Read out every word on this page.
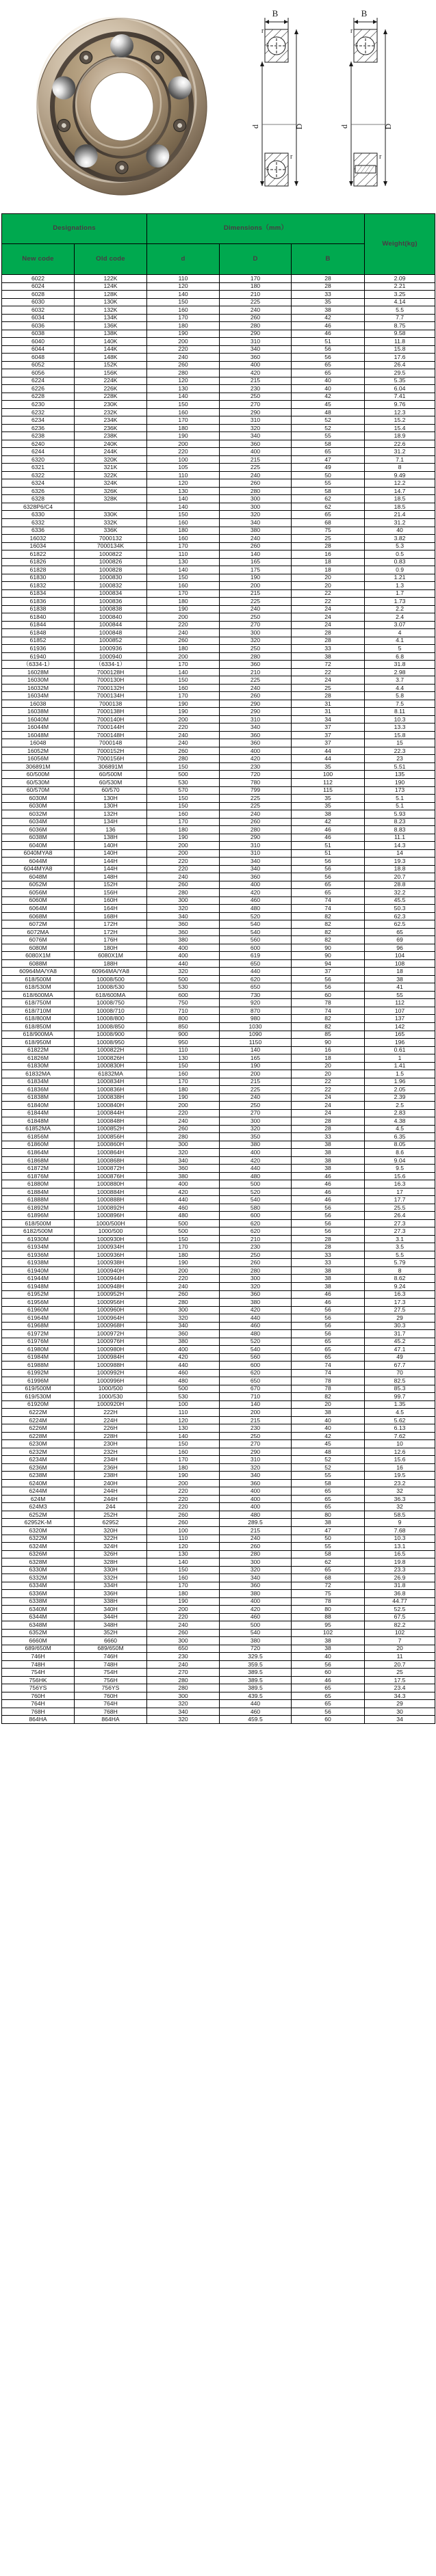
B
r
d	D
r
B
r
d	D
r
Designations		Dimensions（mm）			Weight(kg)
New code	Old code	d	D	B	
6022	122K	110	170	28	2.09
6024	124K	120	180	28	2.21
6028	128K	140	210	33	3.25
6030	130K	150	225	35	4.14
6032	132K	160	240	38	5.5
6034	134K	170	260	42	7.7
6036	136K	180	280	46	8.75
6038	138K	190	290	46	9.58
6040	140K	200	310	51	11.8
6044	144K	220	340	56	15.8
6048	148K	240	360	56	17.6
6052	152K	260	400	65	26.4
6056	156K	280	420	65	29.5
6224	224K	120	215	40	5.35
6226	226K	130	230	40	6.04
6228	228K	140	250	42	7.41
6230	230K	150	270	45	9.76
6232	232K	160	290	48	12.3
6234	234K	170	310	52	15.2
6236	236K	180	320	52	15.4
6238	238K	190	340	55	18.9
6240	240K	200	360	58	22.6
6244	244K	220	400	65	31.2
6320	320K	100	215	47	7.1
6321	321K	105	225	49	8
6322	322K	110	240	50	9.49
6324	324K	120	260	55	12.2
6326	326K	130	280	58	14.7
6328	328K	140	300	62	18.5
6328P6/C4		140	300	62	18.5
6330	330K	150	320	65	21.4
6332	332K	160	340	68	31.2
6336	336K	180	380	75	40
16032	7000132	160	240	25	3.82
16034	7000134K	170	260	28	5.3
61822	1000822	110	140	16	0.5
61826	1000826	130	165	18	0.83
61828	1000828	140	175	18	0.9
61830	1000830	150	190	20	1.21
61832	1000832	160	200	20	1.3
61834	1000834	170	215	22	1.7
61836	1000836	180	225	22	1.73
61838	1000838	190	240	24	2.2
61840	1000840	200	250	24	2.4
61844	1000844	220	270	24	3.07
61848	1000848	240	300	28	4
61852	1000852	260	320	28	4.1
61936	1000936	180	250	33	5
61940	1000940	200	280	38	6.8
（6334-1）	（6334-1）	170	360	72	31.8
16028M	7000128H	140	210	22	2.98
16030M	7000130H	150	225	24	3.7
16032M	7000132H	160	240	25	4.4
16034M	7000134H	170	260	28	5.8
16038	7000138	190	290	31	7.5
16038M	7000138H	190	290	31	8.11
16040M	7000140H	200	310	34	10.3
16044M	7000144H	220	340	37	13.3
16048M	7000148H	240	360	37	15.8
16048	7000148	240	360	37	15
16052M	7000152H	260	400	44	22.3
16056M	7000156H	280	420	44	23
306891M	306891M	150	230	35	5.51
60/500M	60/500M	500	720	100	135
60/530M	60/530M	530	780	112	190
60/570M	60/570	570	799	115	173
6030M	130H	150	225	35	5.1
6030M	130H	150	225	35	5.1
6032M	132H	160	240	38	5.93
6034M	134H	170	260	42	8.23
6036M	136	180	280	46	8.83
6038M	138H	190	290	46	11.1
6040M	140H	200	310	51	14.3
6040MYA8	140H	200	310	51	14
6044M	144H	220	340	56	19.3
6044MYA8	144H	220	340	56	18.8
6048M	148H	240	360	56	20.7
6052M	152H	260	400	65	28.8
6056M	156H	280	420	65	32.2
6060M	160H	300	460	74	45.5
6064M	164H	320	480	74	50.3
6068M	168H	340	520	82	62.3
6072M	172H	360	540	82	62.5
6072MA	172H	360	540	82	65
6076M	176H	380	560	82	69
6080M	180H	400	600	90	96
6080X1M	6080X1M	400	619	90	104
6088M	188H	440	650	94	108
60964MA/YA8	60964MA/YA8	320	440	37	18
618/500M	10008/500	500	620	56	38
618/530M	10008/530	530	650	56	41
618/600MA	618/600MA	600	730	60	55
618/750M	10008/750	750	920	78	112
618/710M	10008/710	710	870	74	107
618/800M	10008/800	800	980	82	137
618/850M	10008/850	850	1030	82	142
618/900MA	10008/900	900	1090	85	165
618/950M	10008/950	950	1150	90	196
61822M	1000822H	110	140	16	0.61
61826M	1000826H	130	165	18	1
61830M	1000830H	150	190	20	1.41
61832MA	61832MA	160	200	20	1.5
61834M	1000834H	170	215	22	1.96
61836M	1000836H	180	225	22	2.05
61838M	1000838H	190	240	24	2.39
61840M	1000840H	200	250	24	2.5
61844M	1000844H	220	270	24	2.83
61848M	1000848H	240	300	28	4.38
61852MA	1000852H	260	320	28	4.5
61856M	1000856H	280	350	33	6.35
61860M	1000860H	300	380	38	8.05
61864M	1000864H	320	400	38	8.6
61868M	1000868H	340	420	38	9.04
61872M	1000872H	360	440	38	9.5
61876M	1000876H	380	480	46	15.6
61880M	1000880H	400	500	46	16.3
61884M	1000884H	420	520	46	17
61888M	1000888H	440	540	46	17.7
61892M	1000892H	460	580	56	25.5
61896M	1000896H	480	600	56	26.4
618/500M	1000/500H	500	620	56	27.3
6182/500M	1000/500	500	620	56	27.3
61930M	1000930H	150	210	28	3.1
61934M	1000934H	170	230	28	3.5
61936M	1000936H	180	250	33	5.5
61938M	1000938H	190	260	33	5.79
61940M	1000940H	200	280	38	8
61944M	1000944H	220	300	38	8.62
61948M	1000948H	240	320	38	9.24
61952M	1000952H	260	360	46	16.3
61956M	1000956H	280	380	46	17.3
61960M	1000960H	300	420	56	27.5
61964M	1000964H	320	440	56	29
61968M	1000968H	340	460	56	30.3
61972M	1000972H	360	480	56	31.7
61976M	1000976H	380	520	65	45.2
61980M	1000980H	400	540	65	47.1
61984M	1000984H	420	560	65	49
61988M	1000988H	440	600	74	67.7
61992M	1000992H	460	620	74	70
61996M	1000996H	480	650	78	82.5
619/500M	1000/500	500	670	78	85.3
619/530M	1000/530	530	710	82	99.7
61920M	1000920H	100	140	20	1.35
6222M	222H	110	200	38	4.5
6224M	224H	120	215	40	5.62
6226M	226H	130	230	40	6.13
6228M	228H	140	250	42	7.62
6230M	230H	150	270	45	10
6232M	232H	160	290	48	12.6
6234M	234H	170	310	52	15.6
6236M	236H	180	320	52	16
6238M	238H	190	340	55	19.5
6240M	240H	200	360	58	23.2
6244M	244H	220	400	65	32
624M	244H	220	400	65	36.3
624M3	244	220	400	65	32
6252M	252H	260	480	80	58.5
62952K-M	62952	260	289.5	38	9
6320M	320H	100	215	47	7.68
6322M	322H	110	240	50	10.3
6324M	324H	120	260	55	13.1
6326M	326H	130	280	58	16.5
6328M	328H	140	300	62	19.8
6330M	330H	150	320	65	23.3
6332M	332H	160	340	68	26.9
6334M	334H	170	360	72	31.8
6336M	336H	180	380	75	36.8
6338M	338H	190	400	78	44.77
6340M	340H	200	420	80	52.5
6344M	344H	220	460	88	67.5
6348M	348H	240	500	95	82.2
6352M	352H	260	540	102	102
6660M	6660	300	380	38	7
689/650M	689/650M	650	720	38	20
746H	746H	230	329.5	40	11
748H	748H	240	359.5	56	20.7
754H	754H	270	389.5	60	25
756HK	756H	280	389.5	46	17.5
756YS	756YS	280	389.5	65	23.4
760H	760H	300	439.5	65	34.3
764H	764H	320	440	65	29
768H	768H	340	460	56	30
864HA	864HA	320	459.5	60	34
